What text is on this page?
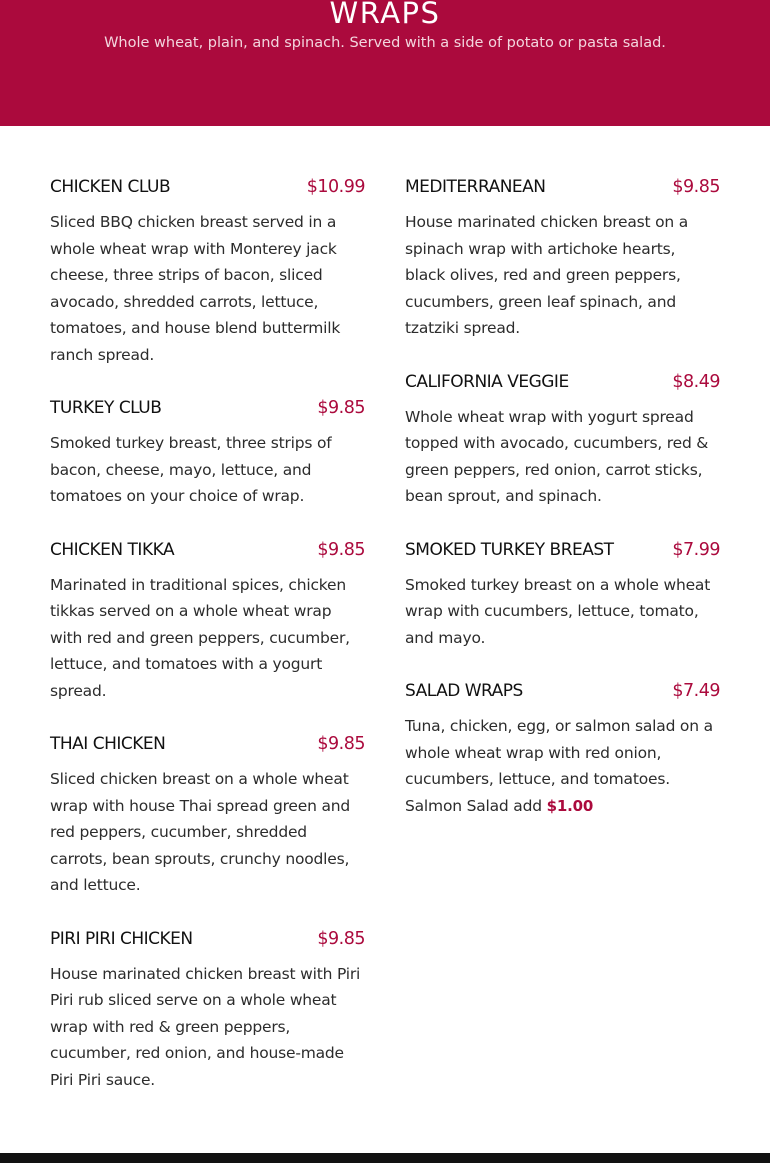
WRAPS

Whole wheat, plain, and spinach. Served with a side of potato or pasta salad.

CHICKEN CLUB	$10.99

Sliced BBQ chicken breast served in a whole wheat wrap with Monterey jack cheese, three strips of bacon, sliced avocado, shredded carrots, lettuce, tomatoes, and house blend buttermilk ranch spread.

TURKEY CLUB	$9.85

Smoked turkey breast, three strips of bacon, cheese, mayo, lettuce, and tomatoes on your choice of wrap.

CHICKEN TIKKA	$9.85

Marinated in traditional spices, chicken tikkas served on a whole wheat wrap with red and green peppers, cucumber, lettuce, and tomatoes with a yogurt spread.

THAI CHICKEN	$9.85

Sliced chicken breast on a whole wheat wrap with house Thai spread green and red peppers, cucumber, shredded carrots, bean sprouts, crunchy noodles, and lettuce.

PIRI PIRI CHICKEN	$9.85

House marinated chicken breast with Piri Piri rub sliced serve on a whole wheat wrap with red & green peppers, cucumber, red onion, and house-made Piri Piri sauce.

MEDITERRANEAN	$9.85

House marinated chicken breast on a spinach wrap with artichoke hearts, black olives, red and green peppers, cucumbers, green leaf spinach, and tzatziki spread.

CALIFORNIA VEGGIE	$8.49

Whole wheat wrap with yogurt spread topped with avocado, cucumbers, red & green peppers, red onion, carrot sticks, bean sprout, and spinach.

SMOKED TURKEY BREAST	$7.99

Smoked turkey breast on a whole wheat wrap with cucumbers, lettuce, tomato, and mayo.

SALAD WRAPS	$7.49

Tuna, chicken, egg, or salmon salad on a whole wheat wrap with red onion, cucumbers, lettuce, and tomatoes. Salmon Salad add $1.00
